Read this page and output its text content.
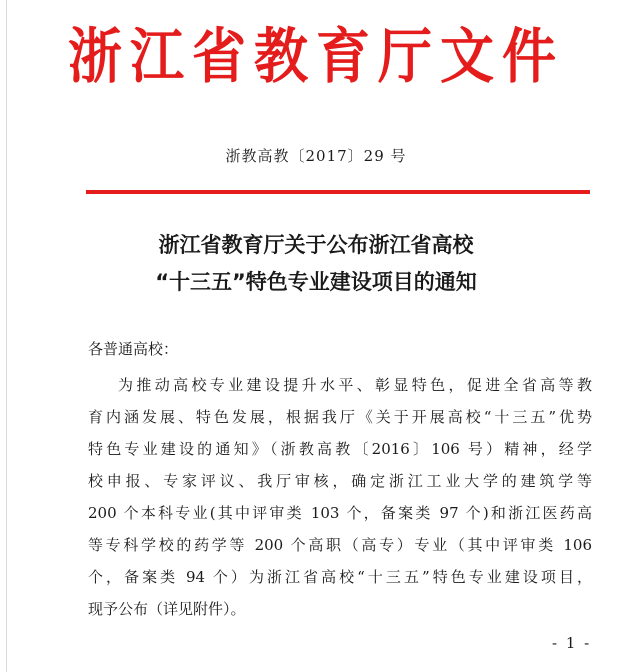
浙江省教育厅文件
浙教高教〔2017〕29 号
浙江省教育厅关于公布浙江省高校
“十三五”特色专业建设项目的通知
各普通高校：
为推动高校专业建设提升水平、彰显特色，促进全省高等教
育内涵发展、特色发展，根据我厅《关于开展高校“十三五”优势
特色专业建设的通知》（浙教高教〔2016〕106 号）精神，经学
校申报、专家评议、我厅审核，确定浙江工业大学的建筑学等
200 个本科专业(其中评审类 103 个，备案类 97 个)和浙江医药高
等专科学校的药学等 200 个高职（高专）专业（其中评审类 106
个，备案类 94 个）为浙江省高校“十三五”特色专业建设项目，
现予公布（详见附件）。
- 1 -
